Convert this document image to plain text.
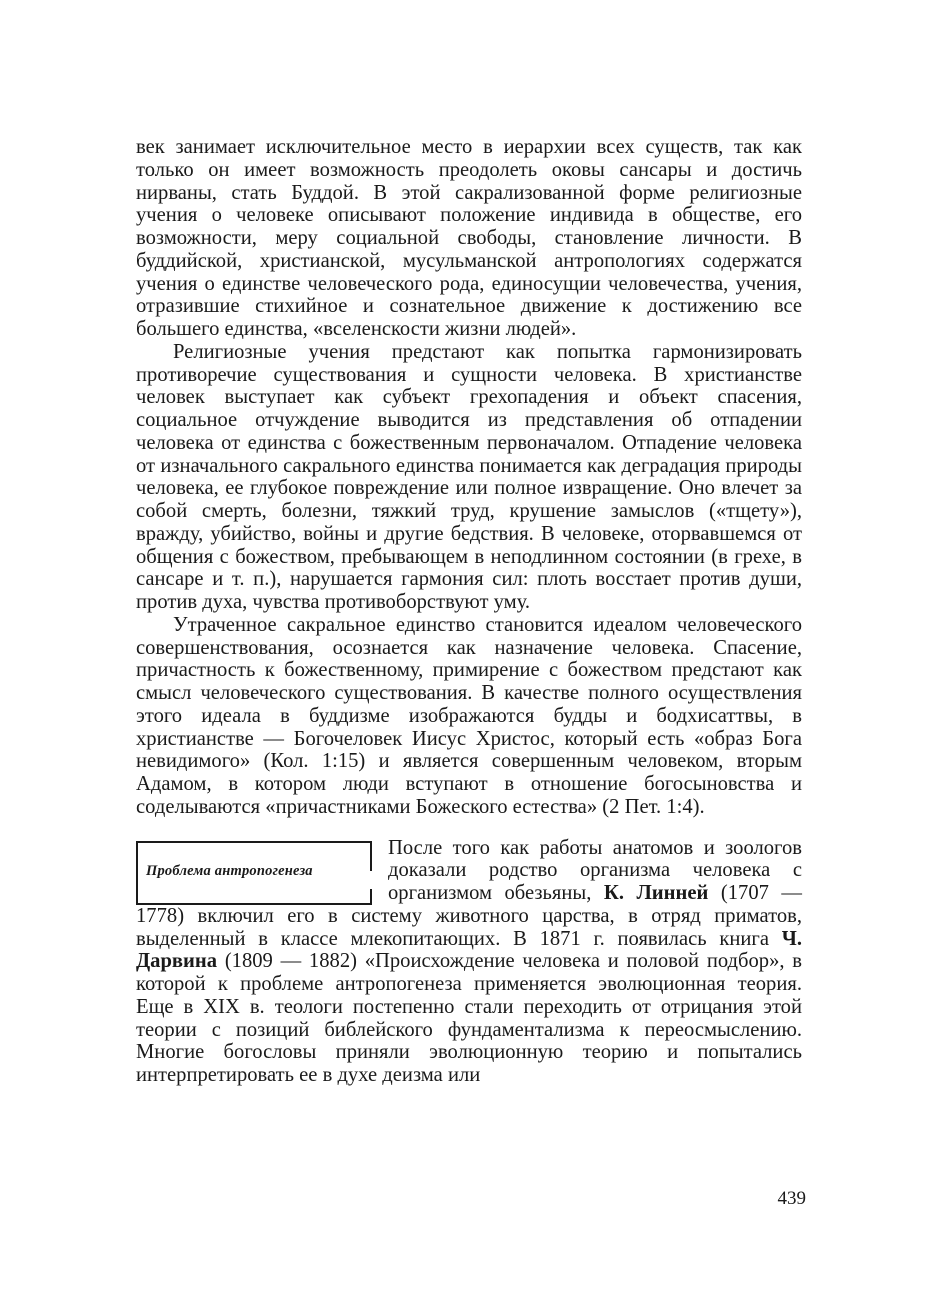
век занимает исключительное место в иерархии всех существ, так как только он имеет возможность преодолеть оковы сансары и достичь нирваны, стать Буддой. В этой сакрализованной форме религиозные учения о человеке описывают положение индивида в обществе, его возможности, меру социальной свободы, становление личности. В буддийской, христианской, мусульманской антропологиях содержатся учения о единстве человеческого рода, единосущии человечества, учения, отразившие стихийное и сознательное движение к достижению все большего единства, «вселенскости жизни людей».

Религиозные учения предстают как попытка гармонизировать противоречие существования и сущности человека. В христианстве человек выступает как субъект грехопадения и объект спасения, социальное отчуждение выводится из представления об отпадении человека от единства с божественным первоначалом. Отпадение человека от изначального сакрального единства понимается как деградация природы человека, ее глубокое повреждение или полное извращение. Оно влечет за собой смерть, болезни, тяжкий труд, крушение замыслов («тщету»), вражду, убийство, войны и другие бедствия. В человеке, оторвавшемся от общения с божеством, пребывающем в неподлинном состоянии (в грехе, в сансаре и т. п.), нарушается гармония сил: плоть восстает против души, против духа, чувства противоборствуют уму.

Утраченное сакральное единство становится идеалом человеческого совершенствования, осознается как назначение человека. Спасение, причастность к божественному, примирение с божеством предстают как смысл человеческого существования. В качестве полного осуществления этого идеала в буддизме изображаются будды и бодхисаттвы, в христианстве — Богочеловек Иисус Христос, который есть «образ Бога невидимого» (Кол. 1:15) и является совершенным человеком, вторым Адамом, в котором люди вступают в отношение богосыновства и соделываются «причастниками Божеского естества» (2 Пет. 1:4).

Проблема антропогенеза

После того как работы анатомов и зоологов доказали родство организма человека с организмом обезьяны, К. Линней (1707 — 1778) включил его в систему животного царства, в отряд приматов, выделенный в классе млекопитающих. В 1871 г. появилась книга Ч. Дарвина (1809 — 1882) «Происхождение человека и половой подбор», в которой к проблеме антропогенеза применяется эволюционная теория. Еще в XIX в. теологи постепенно стали переходить от отрицания этой теории с позиций библейского фундаментализма к переосмыслению. Многие богословы приняли эволюционную теорию и попытались интерпретировать ее в духе деизма или

439
